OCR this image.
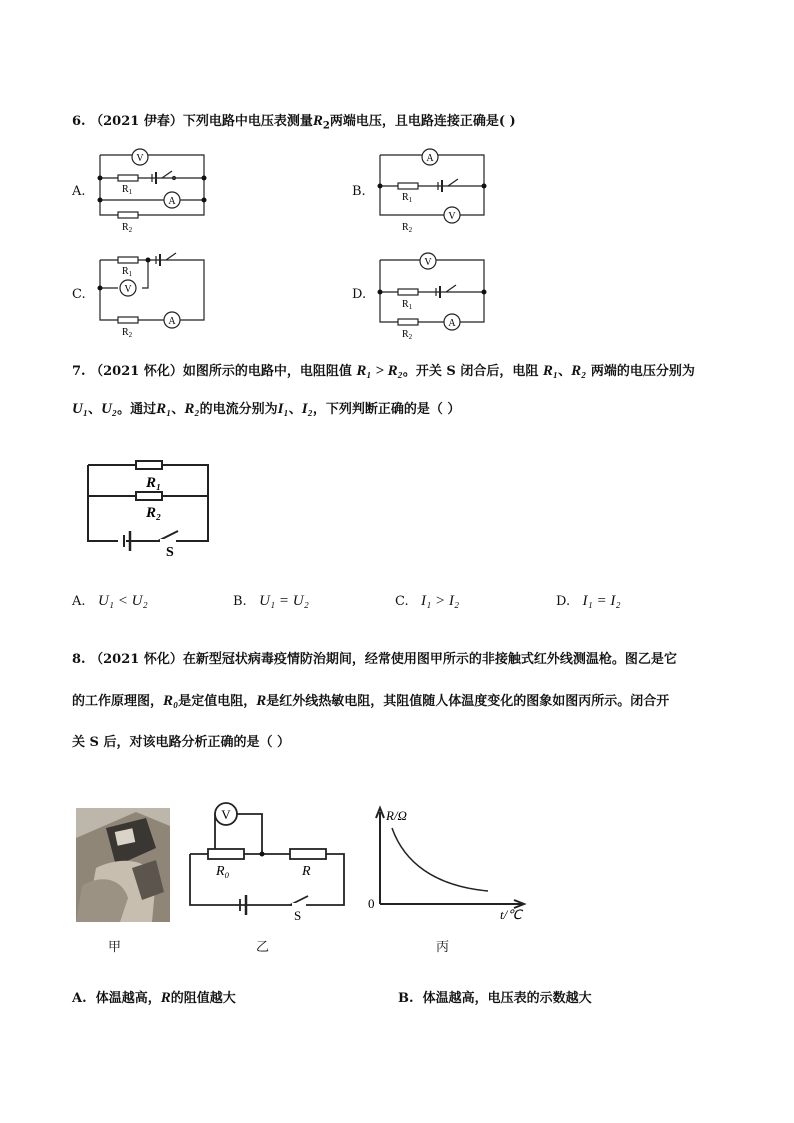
6. （2021 伊春）下列电路中电压表测量$R_2$两端电压，且电路连接正确是( )
A.
V
A
$R_1$
$R_2$
B.
A
V
$R_1$
$R_2$
C.	V
A
$R_1$
$R_2$
D.
V
A
$R_1$
$R_2$
7. （2021 怀化）如图所示的电路中，电阻阻值 R₁ > R₂。开关 S 闭合后，电阻 R₁、R₂ 两端的电压分别为
U₁、U₂。通过R₁、R₂的电流分别为I₁、I₂，下列判断正确的是（ ）
R₁
R₂
S
A. U₁ < U₂	B. U₁ = U₂	C. I₁ > I₂	D. I₁ = I₂
8. （2021 怀化）在新型冠状病毒疫情防治期间，经常使用图甲所示的非接触式红外线测温枪。图乙是它
的工作原理图，R₀是定值电阻，R是红外线热敏电阻，其阻值随人体温度变化的图象如图丙所示。闭合开
关 S 后，对该电路分析正确的是（ ）
甲
V
R₀	R
S
乙
R/Ω
0
t/℃
丙
A. 体温越高，R的阻值越大	B. 体温越高，电压表的示数越大
